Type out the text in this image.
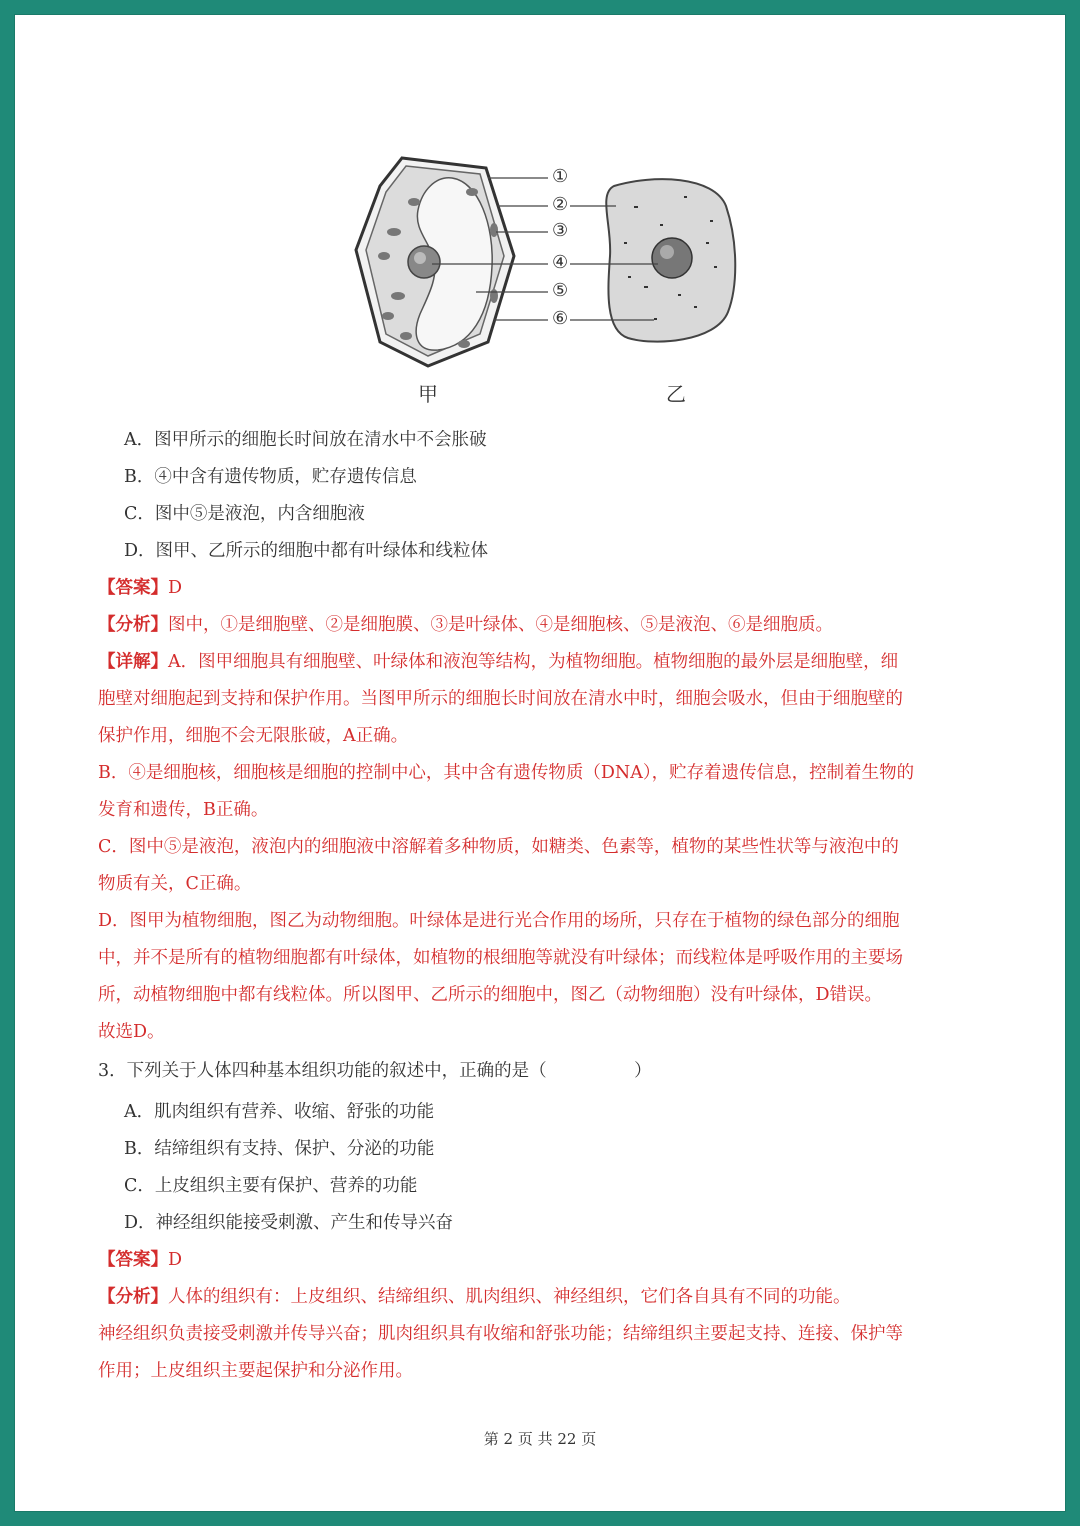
①
②
③
④
⑤
⑥
甲	乙
A．图甲所示的细胞长时间放在清水中不会胀破
B．④中含有遗传物质，贮存遗传信息
C．图中⑤是液泡，内含细胞液
D．图甲、乙所示的细胞中都有叶绿体和线粒体
【答案】D
【分析】图中，①是细胞壁、②是细胞膜、③是叶绿体、④是细胞核、⑤是液泡、⑥是细胞质。
【详解】A．图甲细胞具有细胞壁、叶绿体和液泡等结构，为植物细胞。植物细胞的最外层是细胞壁，细
胞壁对细胞起到支持和保护作用。当图甲所示的细胞长时间放在清水中时，细胞会吸水，但由于细胞壁的
保护作用，细胞不会无限胀破，A正确。
B．④是细胞核，细胞核是细胞的控制中心，其中含有遗传物质（DNA），贮存着遗传信息，控制着生物的
发育和遗传，B正确。
C．图中⑤是液泡，液泡内的细胞液中溶解着多种物质，如糖类、色素等，植物的某些性状等与液泡中的
物质有关，C正确。
D．图甲为植物细胞，图乙为动物细胞。叶绿体是进行光合作用的场所，只存在于植物的绿色部分的细胞
中，并不是所有的植物细胞都有叶绿体，如植物的根细胞等就没有叶绿体；而线粒体是呼吸作用的主要场
所，动植物细胞中都有线粒体。所以图甲、乙所示的细胞中，图乙（动物细胞）没有叶绿体，D错误。
故选D。
3．下列关于人体四种基本组织功能的叙述中，正确的是（　　　　　）
A．肌肉组织有营养、收缩、舒张的功能
B．结缔组织有支持、保护、分泌的功能
C．上皮组织主要有保护、营养的功能
D．神经组织能接受刺激、产生和传导兴奋
【答案】D
【分析】人体的组织有：上皮组织、结缔组织、肌肉组织、神经组织，它们各自具有不同的功能。
神经组织负责接受刺激并传导兴奋；肌肉组织具有收缩和舒张功能；结缔组织主要起支持、连接、保护等
作用；上皮组织主要起保护和分泌作用。
第 2 页 共 22 页
